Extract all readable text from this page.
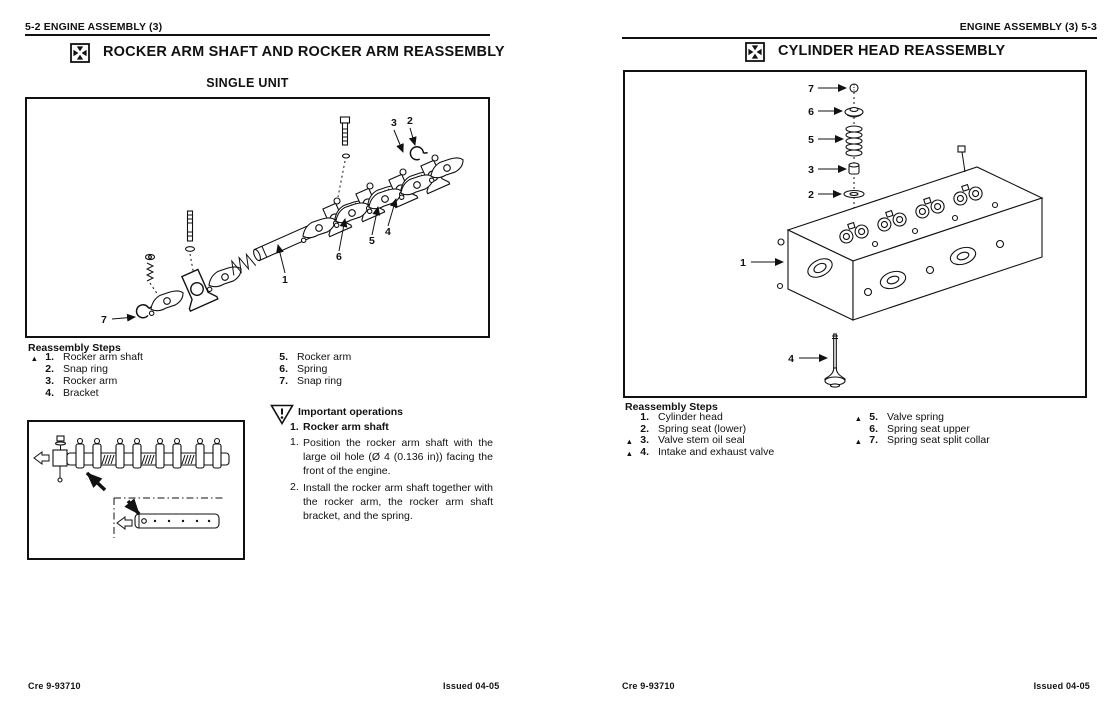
5-2 ENGINE ASSEMBLY (3)
ROCKER ARM SHAFT AND ROCKER ARM REASSEMBLY
SINGLE UNIT
7
1
6
5
4
3 2
Reassembly Steps
▲ 1. Rocker arm shaft
2. Snap ring
3. Rocker arm
4. Bracket
5. Rocker arm
6. Spring
7. Snap ring
Important operations
1. Rocker arm shaft
1. Position the rocker arm shaft with the large oil hole (Ø 4 (0.136 in)) facing the front of the engine.
2. Install the rocker arm shaft together with the rocker arm, the rocker arm shaft bracket, and the spring.
Cre 9-93710	Issued 04-05
ENGINE ASSEMBLY (3) 5-3
CYLINDER HEAD REASSEMBLY
7
6
5
3
2
1
4
Reassembly Steps
1. Cylinder head
2. Spring seat (lower)
▲ 3. Valve stem oil seal
▲ 4. Intake and exhaust valve
▲ 5. Valve spring
6. Spring seat upper
▲ 7. Spring seat split collar
Cre 9-93710	Issued 04-05
